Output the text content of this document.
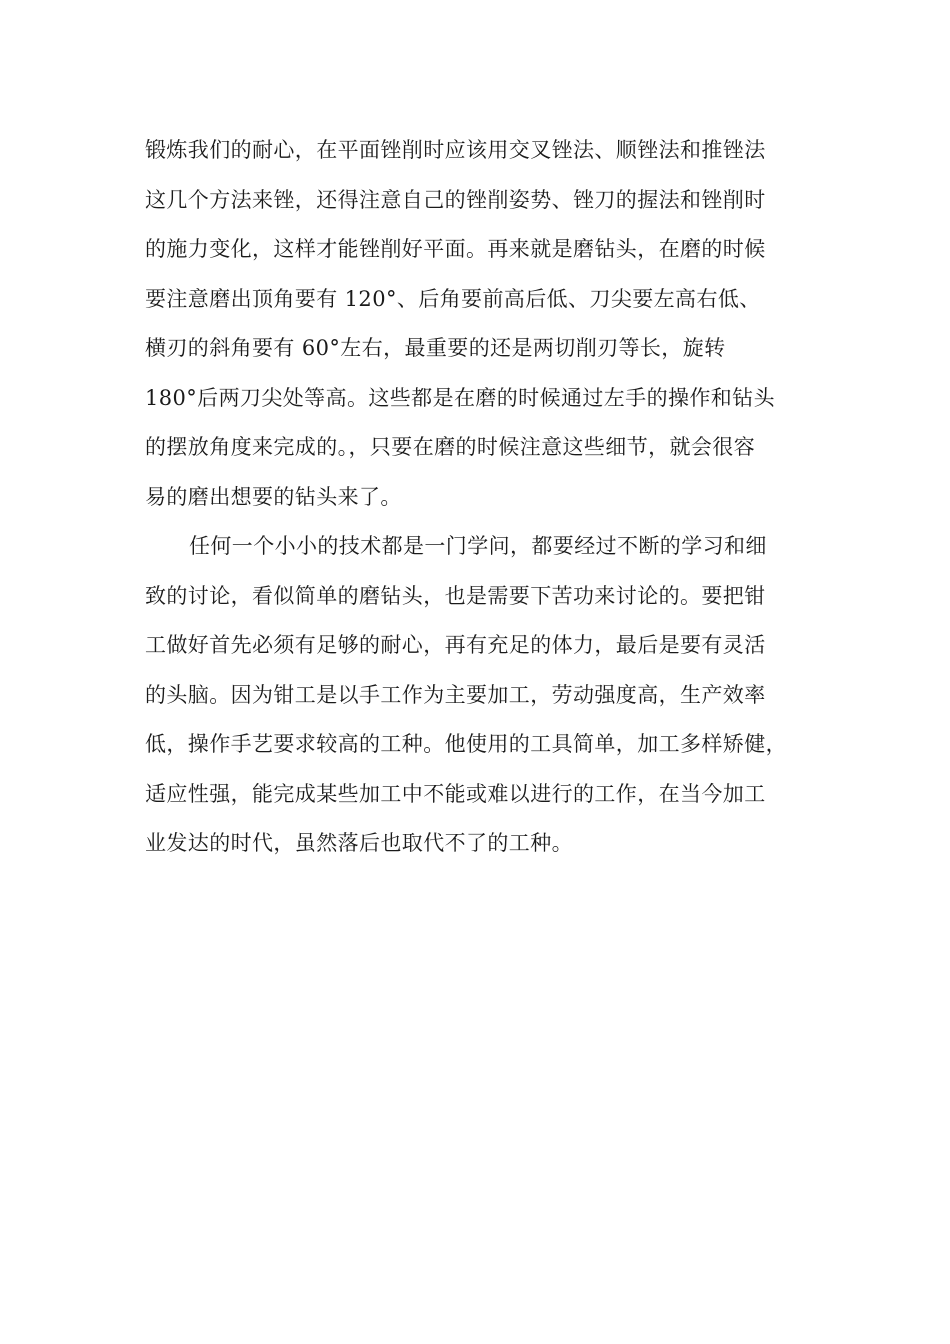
锻炼我们的耐心，在平面锉削时应该用交叉锉法、顺锉法和推锉法
这几个方法来锉，还得注意自己的锉削姿势、锉刀的握法和锉削时
的施力变化，这样才能锉削好平面。再来就是磨钻头，在磨的时候
要注意磨出顶角要有 120°、后角要前高后低、刀尖要左高右低、
横刃的斜角要有 60°左右，最重要的还是两切削刃等长，旋转
180°后两刀尖处等高。这些都是在磨的时候通过左手的操作和钻头
的摆放角度来完成的。，只要在磨的时候注意这些细节，就会很容
易的磨出想要的钻头来了。
任何一个小小的技术都是一门学问，都要经过不断的学习和细
致的讨论，看似简单的磨钻头，也是需要下苦功来讨论的。要把钳
工做好首先必须有足够的耐心，再有充足的体力，最后是要有灵活
的头脑。因为钳工是以手工作为主要加工，劳动强度高，生产效率
低，操作手艺要求较高的工种。他使用的工具简单，加工多样矫健，
适应性强，能完成某些加工中不能或难以进行的工作，在当今加工
业发达的时代，虽然落后也取代不了的工种。
